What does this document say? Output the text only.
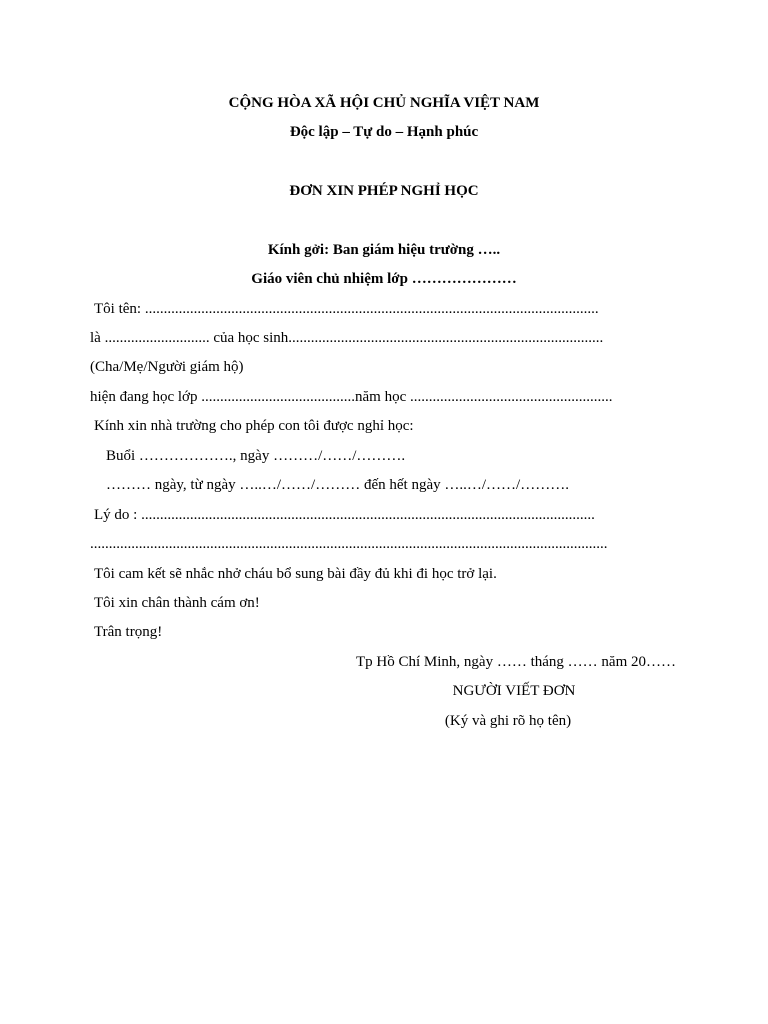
CỘNG HÒA XÃ HỘI CHỦ NGHĨA VIỆT NAM
Độc lập – Tự do – Hạnh phúc
ĐƠN XIN PHÉP NGHỈ HỌC
Kính gởi: Ban giám hiệu trường …..
Giáo viên chủ nhiệm lớp …………………
Tôi tên: .........................................................................................................................
là ............................ của học sinh....................................................................................
(Cha/Mẹ/Người giám hộ)
hiện đang học lớp .........................................năm học ......................................................
Kính xin nhà trường cho phép con tôi được nghỉ học:
Buổi ………………., ngày ………/……/……….
……… ngày, từ ngày …..…/……/……… đến hết ngày …..…/……/……….
Lý do : .........................................................................................................................
..........................................................................................................................................
Tôi cam kết sẽ nhắc nhở cháu bổ sung bài đầy đủ khi đi học trở lại.
Tôi xin chân thành cám ơn!
Trân trọng!
Tp Hồ Chí Minh, ngày …… tháng …… năm 20……
NGƯỜI VIẾT ĐƠN
(Ký và ghi rõ họ tên)
